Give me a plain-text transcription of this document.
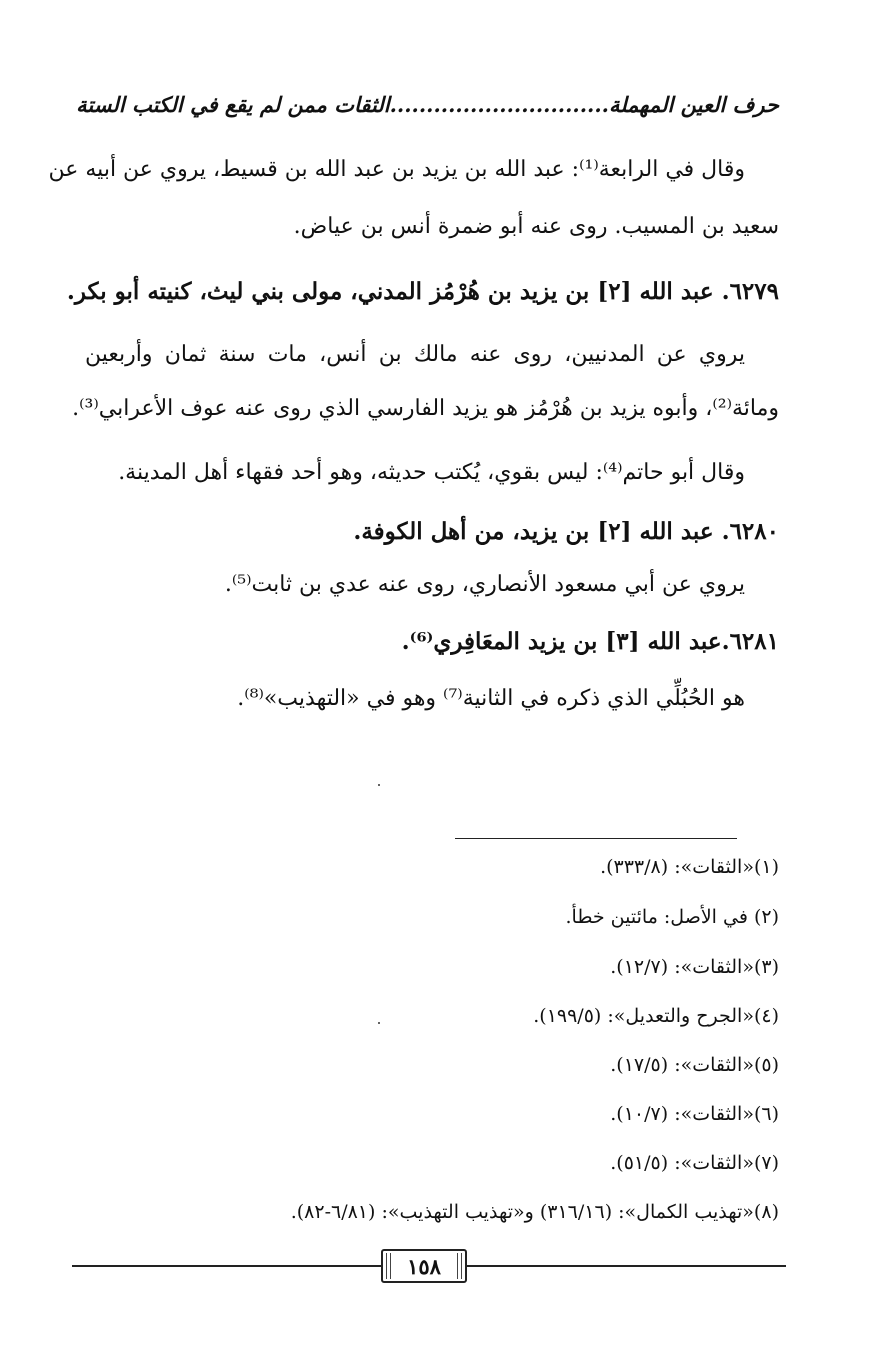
حرف العين المهملة..............................
الثقات ممن لم يقع في الكتب الستة
وقال في الرابعة⁽¹⁾: عبد الله بن يزيد بن عبد الله بن قسيط، يروي عن أبيه عن
سعيد بن المسيب. روى عنه أبو ضمرة أنس بن عياض.
٦٢٧٩. عبد الله [٢] بن يزيد بن هُرْمُز المدني، مولى بني ليث، كنيته أبو بكر.
يروي عن المدنيين، روى عنه مالك بن أنس، مات سنة ثمان وأربعين
ومائة⁽²⁾، وأبوه يزيد بن هُرْمُز هو يزيد الفارسي الذي روى عنه عوف الأعرابي⁽³⁾.
وقال أبو حاتم⁽⁴⁾: ليس بقوي، يُكتب حديثه، وهو أحد فقهاء أهل المدينة.
٦٢٨٠. عبد الله [٢] بن يزيد، من أهل الكوفة.
يروي عن أبي مسعود الأنصاري، روى عنه عدي بن ثابت⁽⁵⁾.
٦٢٨١.عبد الله [٣] بن يزيد المعَافِري⁽⁶⁾.
هو الحُبُلِّي الذي ذكره في الثانية⁽⁷⁾ وهو في «التهذيب»⁽⁸⁾.
(١)«الثقات»: (٣٣٣/٨).
(٢) في الأصل: مائتين خطأ.
(٣)«الثقات»: (١٢/٧).
(٤)«الجرح والتعديل»: (١٩٩/٥).
(٥)«الثقات»: (١٧/٥).
(٦)«الثقات»: (١٠/٧).
(٧)«الثقات»: (٥١/٥).
(٨)«تهذيب الكمال»: (٣١٦/١٦) و«تهذيب التهذيب»: (٦/٨١-٨٢).
١٥٨
